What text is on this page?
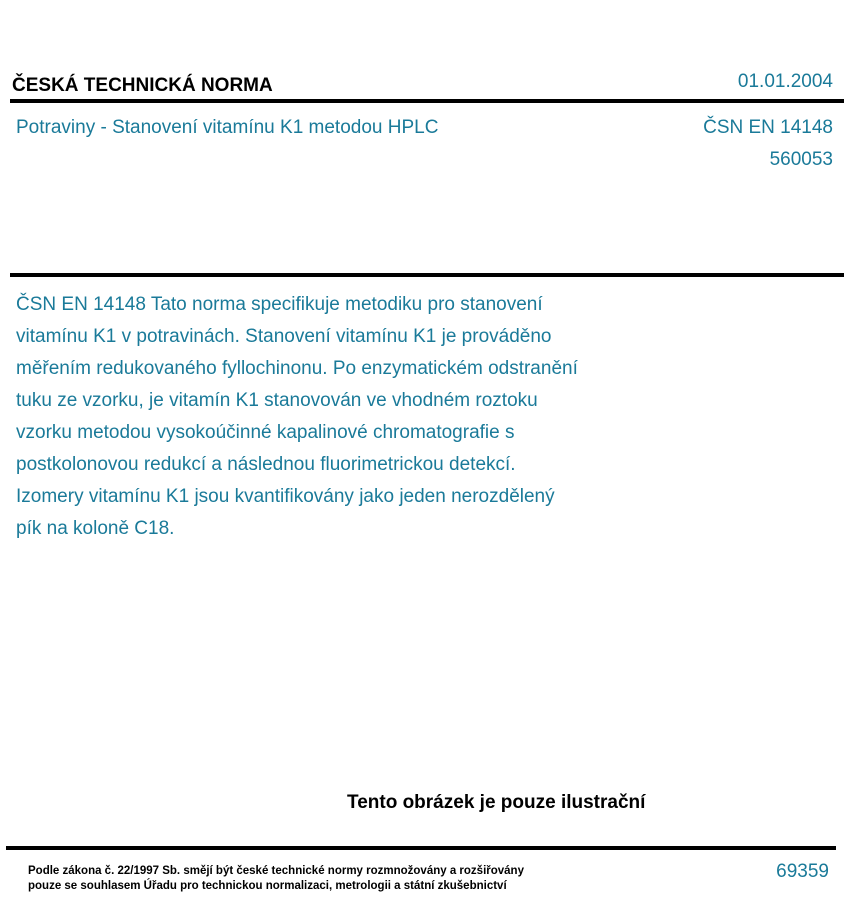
ČESKÁ TECHNICKÁ NORMA	01.01.2004
Potraviny - Stanovení vitamínu K1 metodou HPLC	ČSN EN 14148
560053
ČSN EN 14148 Tato norma specifikuje metodiku pro stanovení
vitamínu K1 v potravinách. Stanovení vitamínu K1 je prováděno
měřením redukovaného fyllochinonu. Po enzymatickém odstranění
tuku ze vzorku, je vitamín K1 stanovován ve vhodném roztoku
vzorku metodou vysokoúčinné kapalinové chromatografie s
postkolonovou redukcí a následnou fluorimetrickou detekcí.
Izomery vitamínu K1 jsou kvantifikovány jako jeden nerozdělený
pík na koloně C18.
Tento obrázek je pouze ilustrační
Podle zákona č. 22/1997 Sb. smějí být české technické normy rozmnožovány a rozšiřovány
pouze se souhlasem Úřadu pro technickou normalizaci, metrologii a státní zkušebnictví
69359
